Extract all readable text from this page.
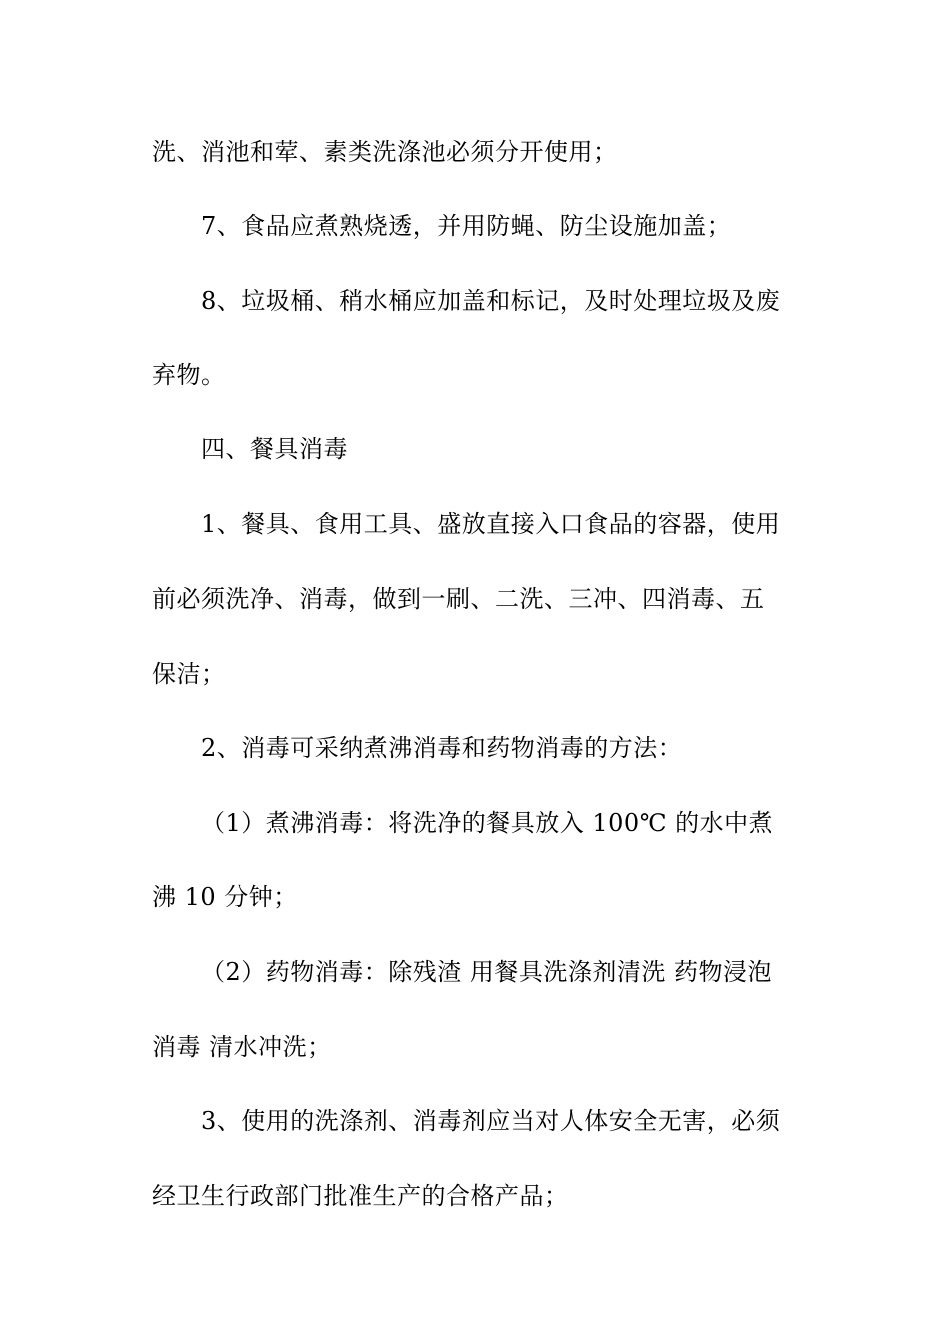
洗、消池和荤、素类洗涤池必须分开使用；
7、食品应煮熟烧透，并用防蝇、防尘设施加盖；
8、垃圾桶、稍水桶应加盖和标记，及时处理垃圾及废
弃物。
四、餐具消毒
1、餐具、食用工具、盛放直接入口食品的容器，使用
前必须洗净、消毒，做到一刷、二洗、三冲、四消毒、五
保洁；
2、消毒可采纳煮沸消毒和药物消毒的方法：
（1）煮沸消毒：将洗净的餐具放入 100℃ 的水中煮
沸 10 分钟；
（2）药物消毒：除残渣 用餐具洗涤剂清洗 药物浸泡
消毒 清水冲洗；
3、使用的洗涤剂、消毒剂应当对人体安全无害，必须
经卫生行政部门批准生产的合格产品；
